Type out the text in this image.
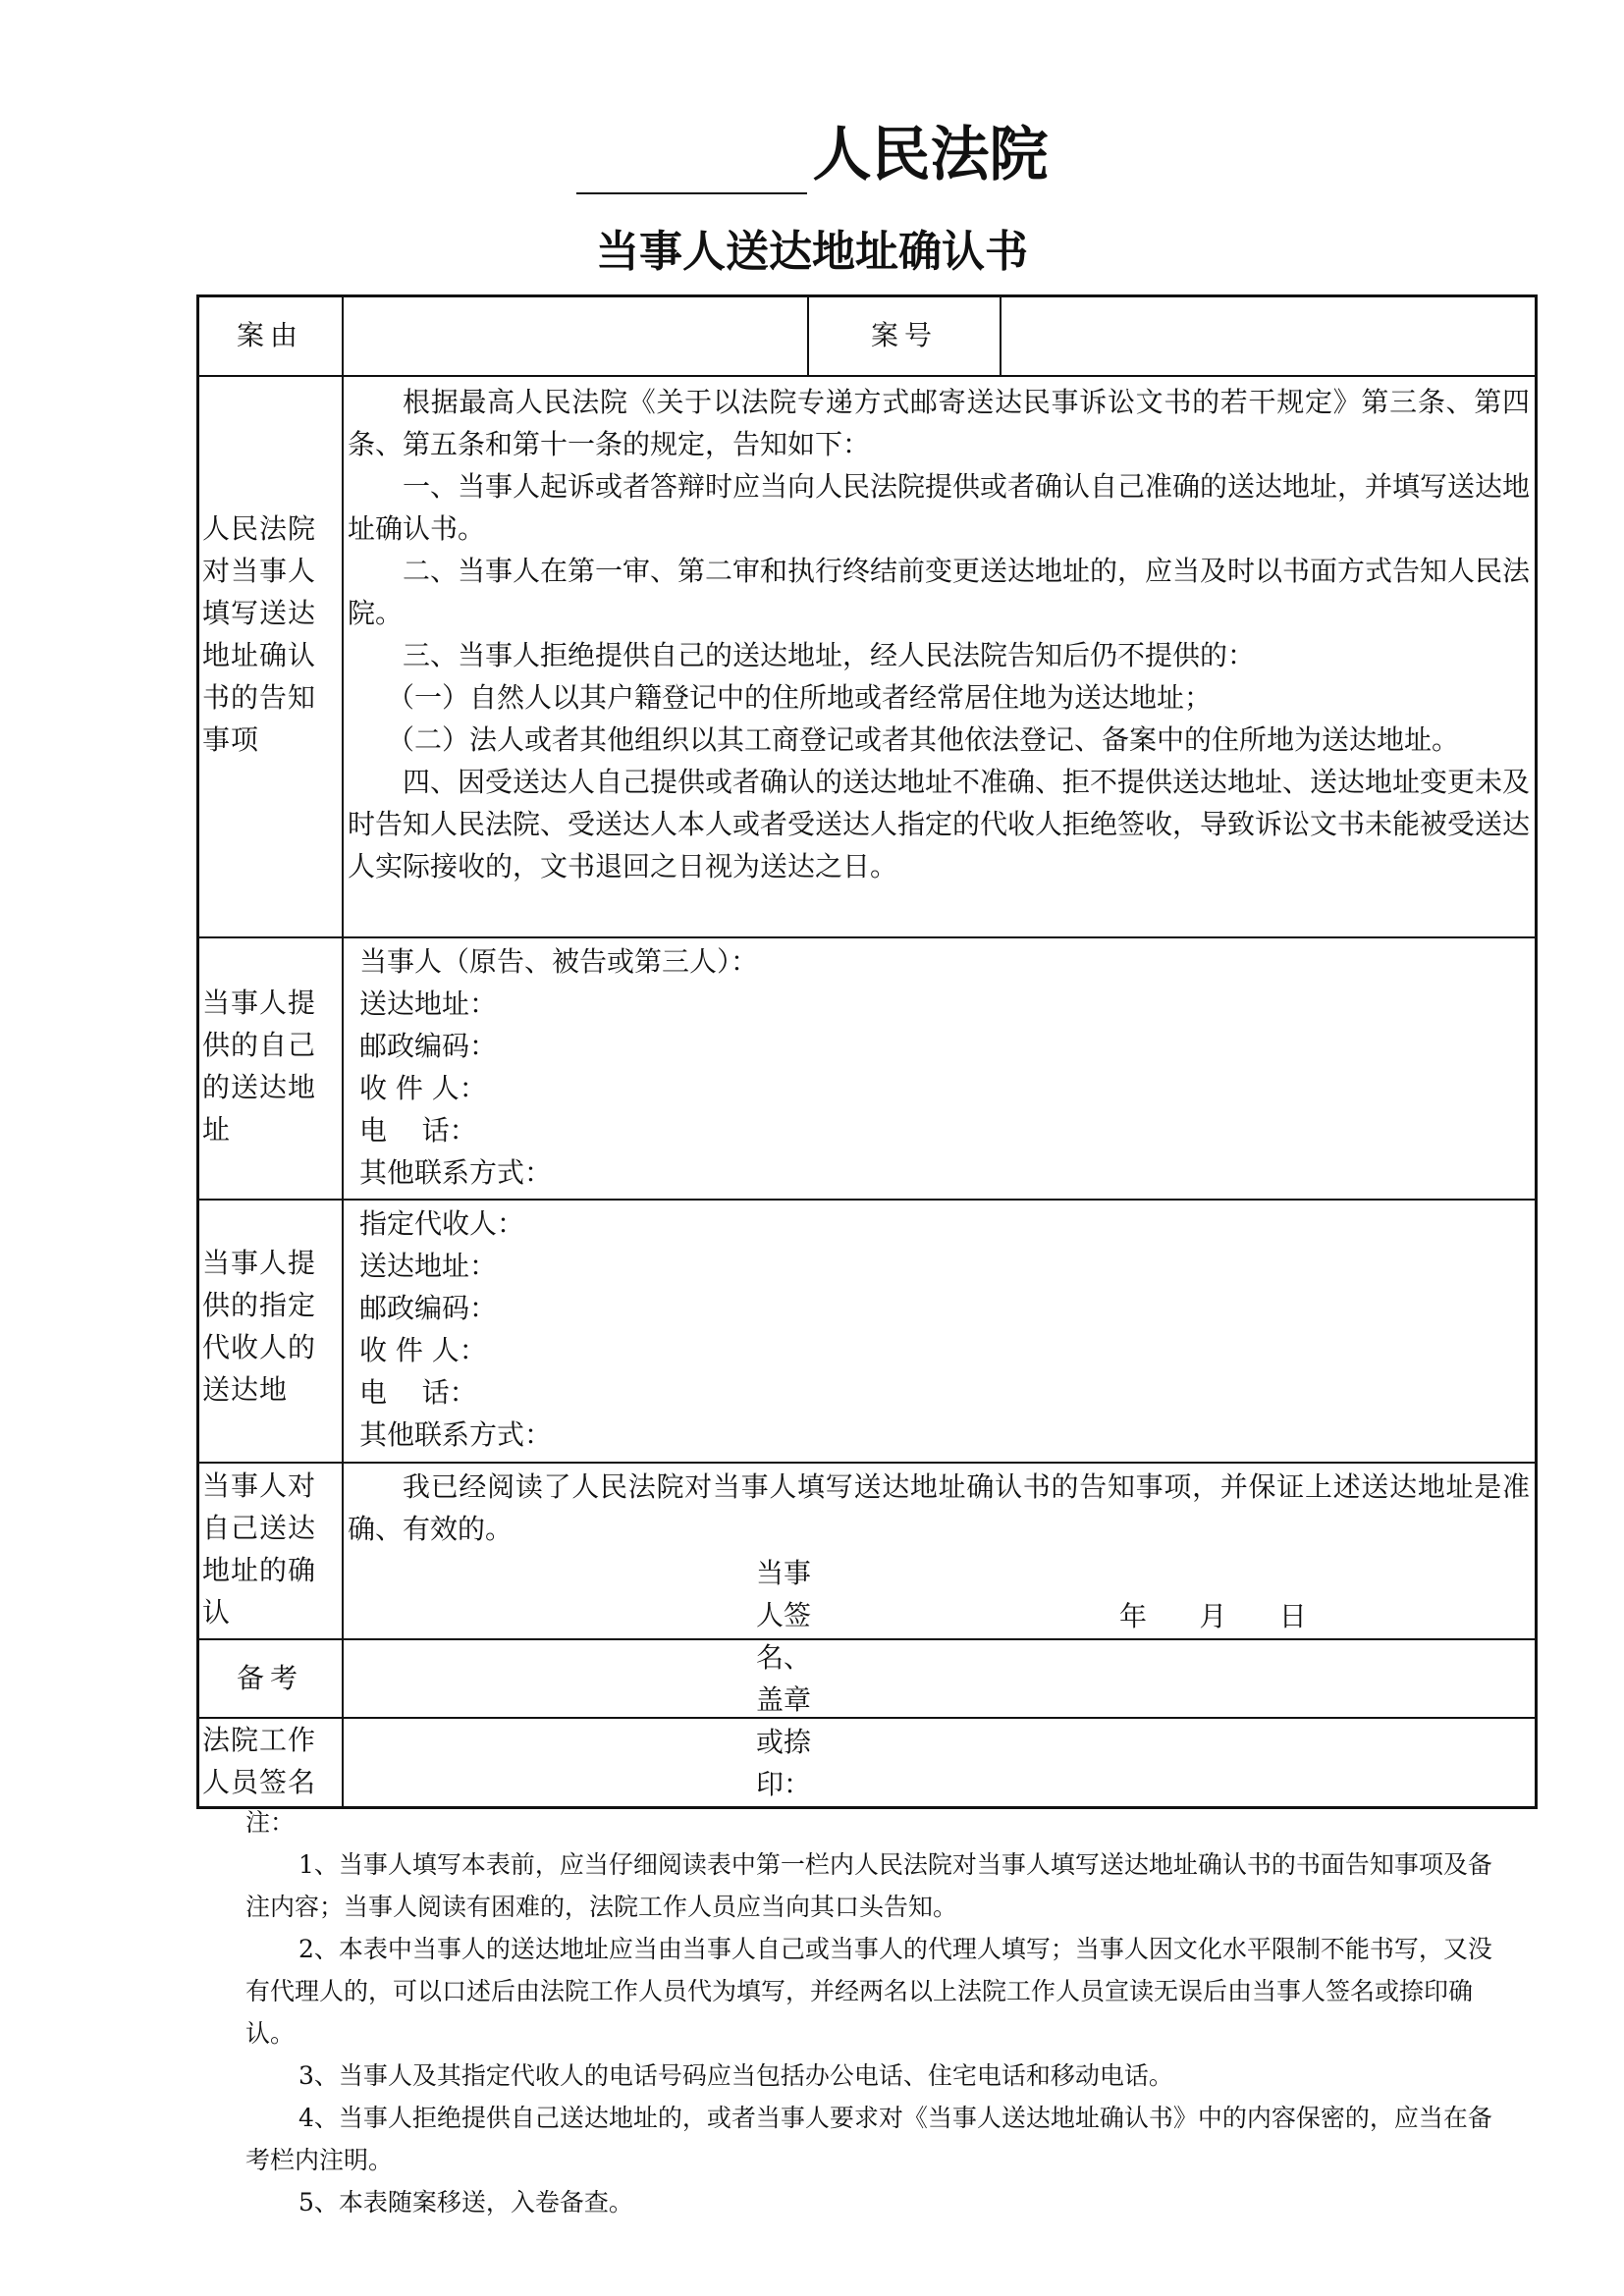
人民法院
当事人送达地址确认书
案由	案号
人民法院对当事人填写送达地址确认书的告知事项
根据最高人民法院《关于以法院专递方式邮寄送达民事诉讼文书的若干规定》第三条、第四条、第五条和第十一条的规定，告知如下：
一、当事人起诉或者答辩时应当向人民法院提供或者确认自己准确的送达地址，并填写送达地址确认书。
二、当事人在第一审、第二审和执行终结前变更送达地址的，应当及时以书面方式告知人民法院。
三、当事人拒绝提供自己的送达地址，经人民法院告知后仍不提供的：
（一）自然人以其户籍登记中的住所地或者经常居住地为送达地址；
（二）法人或者其他组织以其工商登记或者其他依法登记、备案中的住所地为送达地址。
四、因受送达人自己提供或者确认的送达地址不准确、拒不提供送达地址、送达地址变更未及时告知人民法院、受送达人本人或者受送达人指定的代收人拒绝签收，导致诉讼文书未能被受送达人实际接收的，文书退回之日视为送达之日。
当事人提供的自己的送达地址
当事人（原告、被告或第三人）：
送达地址：
邮政编码：
收 件 人：
电    话：
其他联系方式：
当事人提供的指定代收人的送达地
指定代收人：
送达地址：
邮政编码：
收 件 人：
电    话：
其他联系方式：
当事人对自己送达地址的确认
我已经阅读了人民法院对当事人填写送达地址确认书的告知事项，并保证上述送达地址是准确、有效的。
当事人签名、盖章或捺印：
年      月      日
备考
法院工作人员签名

注：

1、当事人填写本表前，应当仔细阅读表中第一栏内人民法院对当事人填写送达地址确认书的书面告知事项及备注内容；当事人阅读有困难的，法院工作人员应当向其口头告知。

2、本表中当事人的送达地址应当由当事人自己或当事人的代理人填写；当事人因文化水平限制不能书写，又没有代理人的，可以口述后由法院工作人员代为填写，并经两名以上法院工作人员宣读无误后由当事人签名或捺印确认。

3、当事人及其指定代收人的电话号码应当包括办公电话、住宅电话和移动电话。

4、当事人拒绝提供自己送达地址的，或者当事人要求对《当事人送达地址确认书》中的内容保密的，应当在备考栏内注明。

5、本表随案移送，入卷备查。
